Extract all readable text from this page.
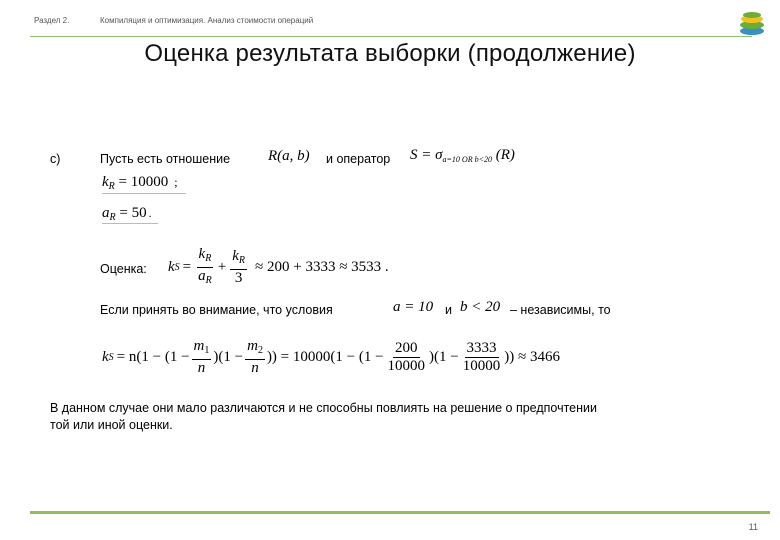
Раздел 2.	Компиляция и оптимизация. Анализ стоимости операций
Оценка результата выборки (продолжение)
c)	Пусть есть отношение	R(a, b) и оператор $S = \sigma_{a=10 OR b<20}$ (R)
$k_R = 10000$ ;
$a_R = 50$ .
Оценка: k $S = \frac{k_R}{a_R} + \frac{k_R}{3} \approx 200 + 3333 \approx 3533$ .
Если принять во внимание, что условия	a = 10 и b < 20 – независимы, то
k $S = n(1 - (1 - \frac{m_1}{n} )(1 - \frac{m_2}{n}$ )) = $10000(1 - (1 - \frac{200}{10000} )(1 - \frac{3333}{10000}$ )) ≈ 3466
В данном случае они мало различаются и не способны повлиять на решение о предпочтении
той или иной оценки.
11
